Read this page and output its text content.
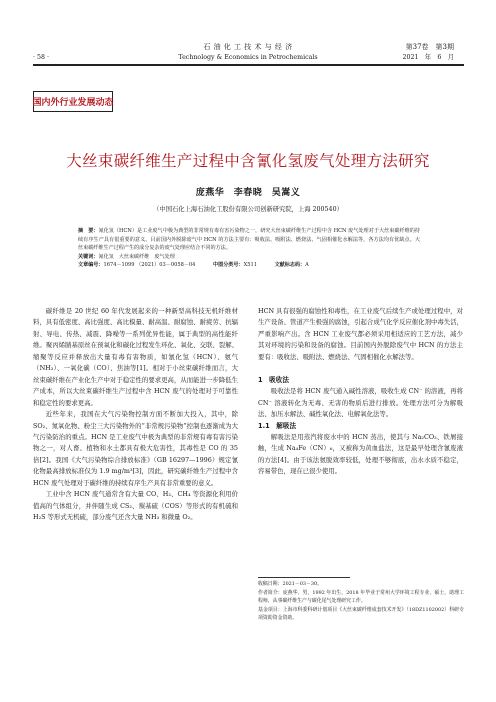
石 油 化 工 技 术 与 经 济
Technology & Economics in Petrochemicals
第37卷　第3期
2021　年　6　月
· 58 ·
国内外行业发展动态
大丝束碳纤维生产过程中含氰化氢废气处理方法研究
庞燕华　李春晓　吴嵩义
（中国石化上海石油化工股份有限公司创新研究院，上海 200540）

摘　要：氰化氢（HCN）是工业废气中极为典型的非常规有毒有害污染物之一，研究大丝束碳纤维生产过程中含 HCN 废气处理对于大丝束碳纤维的持续有序生产具有很重要的意义。目前国内外脱除废气中 HCN 的方法主要有：吸收法、吸附法、燃烧法、气固相催化水解法等，各方法均有优缺点。大丝束碳纤维生产过程产生的成分复杂的废气处理应结合不同的方法。

关键词：氰化氢　大丝束碳纤维　废气处理

文章编号：1674－1099 （2021）03－0058－04	中图分类号：X511	文献标志码：A

碳纤维是 20 世纪 60 年代发展起来的一种新型高科技无机纤维材料，具有低密度、高比强度、高比模量、耐高温、耐腐蚀、耐疲劳、抗辐射、导电、传热、减震、降噪等一系列优异性能，属于典型的高性能纤维。聚丙烯腈基原丝在预氧化和碳化过程发生环化、氧化、交联、裂解、缩聚等反应并释放出大量有毒有害物质，如氰化氢（HCN）、氨气（NH₃）、一氧化碳（CO）、焦油等[1]。相对于小丝束碳纤维而言，大丝束碳纤维在产业化生产中对于稳定性的要求更高，从而能进一步降低生产成本，所以大丝束碳纤维生产过程中含 HCN 废气的处理对于可靠性和稳定性的要求更高。

近些年来，我国在大气污染物控制方面不断加大投入，其中，除 SO₂、氮氧化物、粉尘三大污染物外的“非常规污染物”控制也逐渐成为大气污染防治的重点。HCN 是工业废气中极为典型的非常规有毒有害污染物之一，对人畜、植物和水土都具有极大危害性，其毒性是 CO 的 35 倍[2]。我国《大气污染物综合排放标准》（GB 16297—1996）规定氰化物最高排放标准仅为 1.9 mg/m³[3]，因此，研究碳纤维生产过程中含 HCN 废气处理对于碳纤维的持续有序生产具有非常重要的意义。

工业中含 HCN 废气通常含有大量 CO、H₂、CH₄ 等资源化利用价值高的气体组分，并伴随生成 CS₂、羰基硫（COS）等形式的有机硫和 H₂S 等形式无机硫，部分废气还含大量 NH₃ 和微量 O₂。

HCN 具有很强的腐蚀性和毒性，在工业废气后续生产或处理过程中，对生产设备、管道产生极强的腐蚀，引起合成气化学反应催化剂中毒失活，严重影响产出。含 HCN 工业废气都必须采用相适应的工艺方法，减少其对环境的污染和设备的腐蚀。目前国内外脱除废气中 HCN 的方法主要有：吸收法、吸附法、燃烧法、气固相催化水解法等。

1　吸收法

吸收法是将 HCN 废气通入碱性溶液，吸收生成 CN⁻ 的溶液，再将 CN⁻ 溶液转化为无毒、无害的物质后进行排放。处理方法可分为解吸法、加压水解法、碱性氧化法、电解氧化法等。

1.1　解吸法

解吸法是用蒸汽将废水中的 HCN 蒸出，使其与 Na₂CO₃、铁屑接触，生成 Na₄Fe（CN）₆，又被称为黄血盐法，这是最早处理含氰废液的方法[4]。由于该法氨脱效率较低，处理不够彻底，出水水质不稳定，容易带色，现在已很少使用。

收稿日期：2021－03－30。

作者简介：庞燕华，男，1992 年出生，2018 年毕业于常州大学环境工程专业，硕士，助理工程师，从事碳纤维生产与碳化尾气处理研究工作。

基金项目：上海市科委科研计划项目《大丝束碳纤维成套技术开发》（18DZ1102002）科研专项资助资金资助。
